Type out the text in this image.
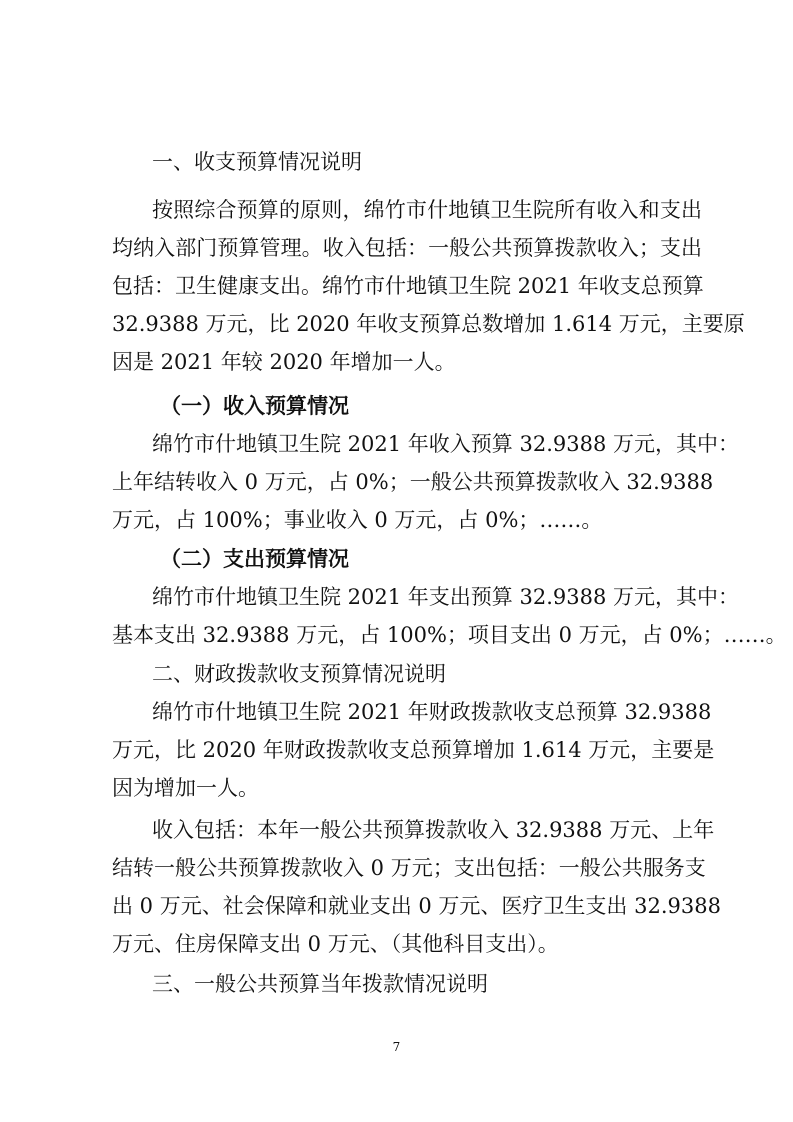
一、收支预算情况说明
按照综合预算的原则，绵竹市什地镇卫生院所有收入和支出
均纳入部门预算管理。收入包括：一般公共预算拨款收入；支出
包括：卫生健康支出。绵竹市什地镇卫生院 2021 年收支总预算
32.9388 万元，比 2020 年收支预算总数增加 1.614 万元，主要原
因是 2021 年较 2020 年增加一人。
（一）收入预算情况
绵竹市什地镇卫生院 2021 年收入预算 32.9388 万元，其中：
上年结转收入 0 万元，占 0%；一般公共预算拨款收入 32.9388
万元，占 100%；事业收入 0 万元，占 0%；……。
（二）支出预算情况
绵竹市什地镇卫生院 2021 年支出预算 32.9388 万元，其中：
基本支出 32.9388 万元，占 100%；项目支出 0 万元，占 0%；……。
二、财政拨款收支预算情况说明
绵竹市什地镇卫生院 2021 年财政拨款收支总预算 32.9388
万元，比 2020 年财政拨款收支总预算增加 1.614 万元，主要是
因为增加一人。
收入包括：本年一般公共预算拨款收入 32.9388 万元、上年
结转一般公共预算拨款收入 0 万元；支出包括：一般公共服务支
出 0 万元、社会保障和就业支出 0 万元、医疗卫生支出 32.9388
万元、住房保障支出 0 万元、（其他科目支出）。
三、一般公共预算当年拨款情况说明
7
